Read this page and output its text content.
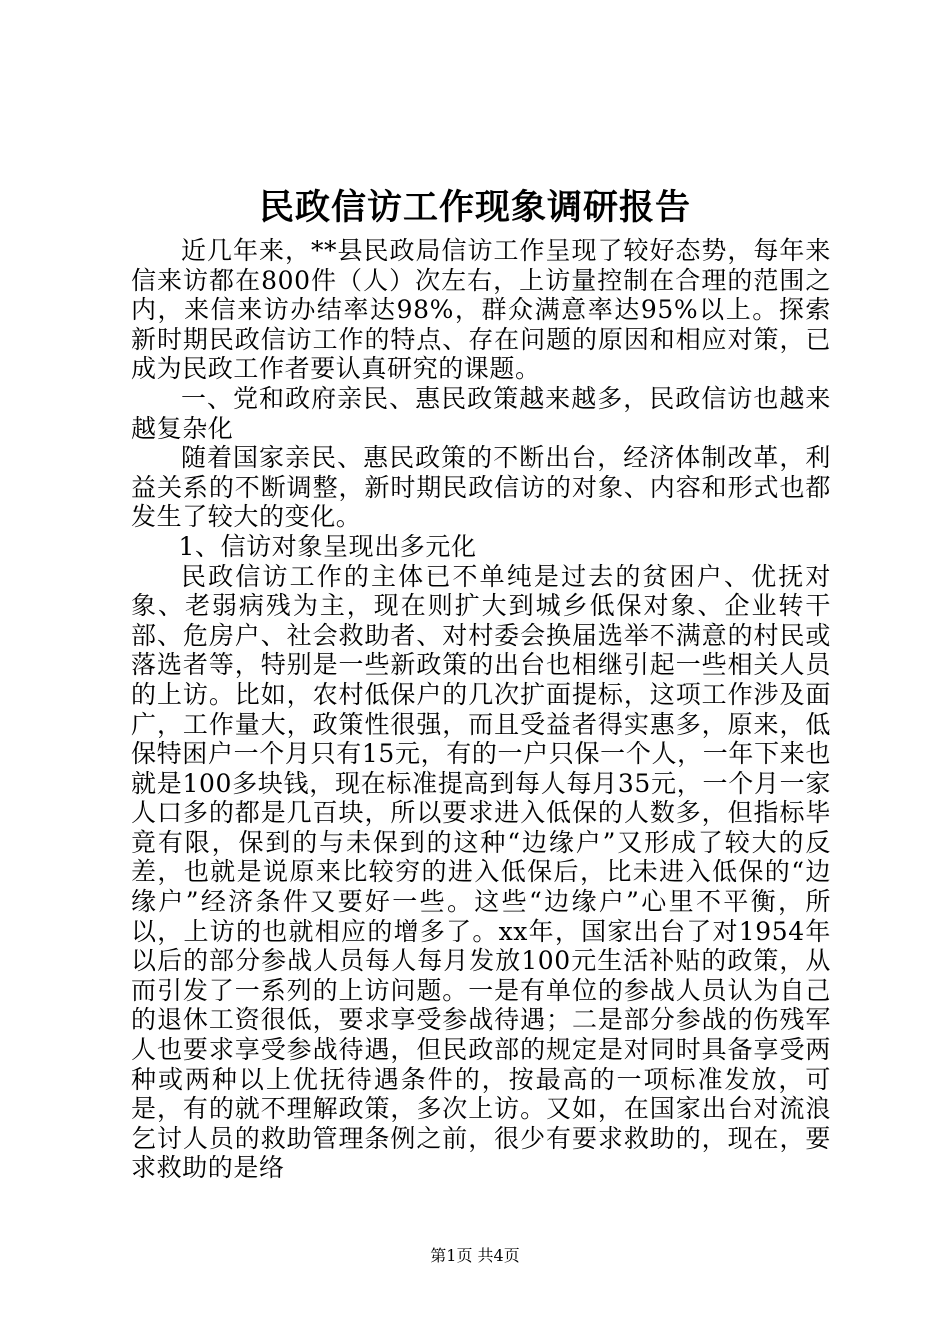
民政信访工作现象调研报告

近几年来，**县民政局信访工作呈现了较好态势，每年来信来访都在800件（人）次左右，上访量控制在合理的范围之内，来信来访办结率达98%，群众满意率达95%以上。探索新时期民政信访工作的特点、存在问题的原因和相应对策，已成为民政工作者要认真研究的课题。

一、党和政府亲民、惠民政策越来越多，民政信访也越来越复杂化

随着国家亲民、惠民政策的不断出台，经济体制改革，利益关系的不断调整，新时期民政信访的对象、内容和形式也都发生了较大的变化。

1、信访对象呈现出多元化

民政信访工作的主体已不单纯是过去的贫困户、优抚对象、老弱病残为主，现在则扩大到城乡低保对象、企业转干部、危房户、社会救助者、对村委会换届选举不满意的村民或落选者等，特别是一些新政策的出台也相继引起一些相关人员的上访。比如，农村低保户的几次扩面提标，这项工作涉及面广，工作量大，政策性很强，而且受益者得实惠多，原来，低保特困户一个月只有15元，有的一户只保一个人，一年下来也就是100多块钱，现在标准提高到每人每月35元，一个月一家人口多的都是几百块，所以要求进入低保的人数多，但指标毕竟有限，保到的与未保到的这种“边缘户”又形成了较大的反差，也就是说原来比较穷的进入低保后，比未进入低保的“边缘户”经济条件又要好一些。这些“边缘户”心里不平衡，所以，上访的也就相应的增多了。xx年，国家出台了对1954年以后的部分参战人员每人每月发放100元生活补贴的政策，从而引发了一系列的上访问题。一是有单位的参战人员认为自己的退休工资很低，要求享受参战待遇；二是部分参战的伤残军人也要求享受参战待遇，但民政部的规定是对同时具备享受两种或两种以上优抚待遇条件的，按最高的一项标准发放，可是，有的就不理解政策，多次上访。又如，在国家出台对流浪乞讨人员的救助管理条例之前，很少有要求救助的，现在，要求救助的是络

第1页 共4页
